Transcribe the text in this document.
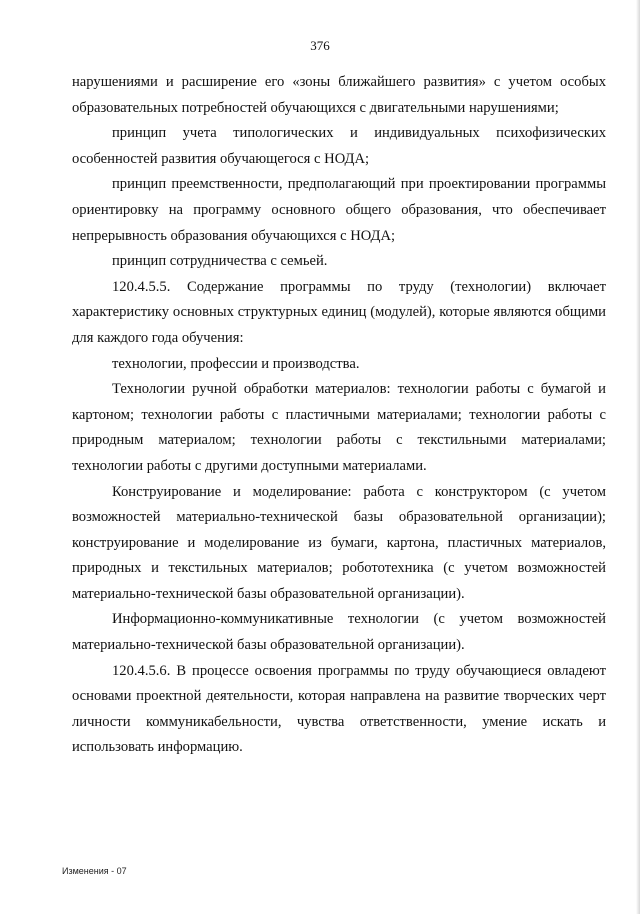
376

нарушениями и расширение его «зоны ближайшего развития» с учетом особых образовательных потребностей обучающихся с двигательными нарушениями;

принцип учета типологических и индивидуальных психофизических особенностей развития обучающегося с НОДА;

принцип преемственности, предполагающий при проектировании программы ориентировку на программу основного общего образования, что обеспечивает непрерывность образования обучающихся с НОДА;

принцип сотрудничества с семьей.

120.4.5.5. Содержание программы по труду (технологии) включает характеристику основных структурных единиц (модулей), которые являются общими для каждого года обучения:

технологии, профессии и производства.

Технологии ручной обработки материалов: технологии работы с бумагой и картоном; технологии работы с пластичными материалами; технологии работы с природным материалом; технологии работы с текстильными материалами; технологии работы с другими доступными материалами.

Конструирование и моделирование: работа с конструктором (с учетом возможностей материально-технической базы образовательной организации); конструирование и моделирование из бумаги, картона, пластичных материалов, природных и текстильных материалов; робототехника (с учетом возможностей материально-технической базы образовательной организации).

Информационно-коммуникативные технологии (с учетом возможностей материально-технической базы образовательной организации).

120.4.5.6. В процессе освоения программы по труду обучающиеся овладеют основами проектной деятельности, которая направлена на развитие творческих черт личности коммуникабельности, чувства ответственности, умение искать и использовать информацию.

Изменения - 07
